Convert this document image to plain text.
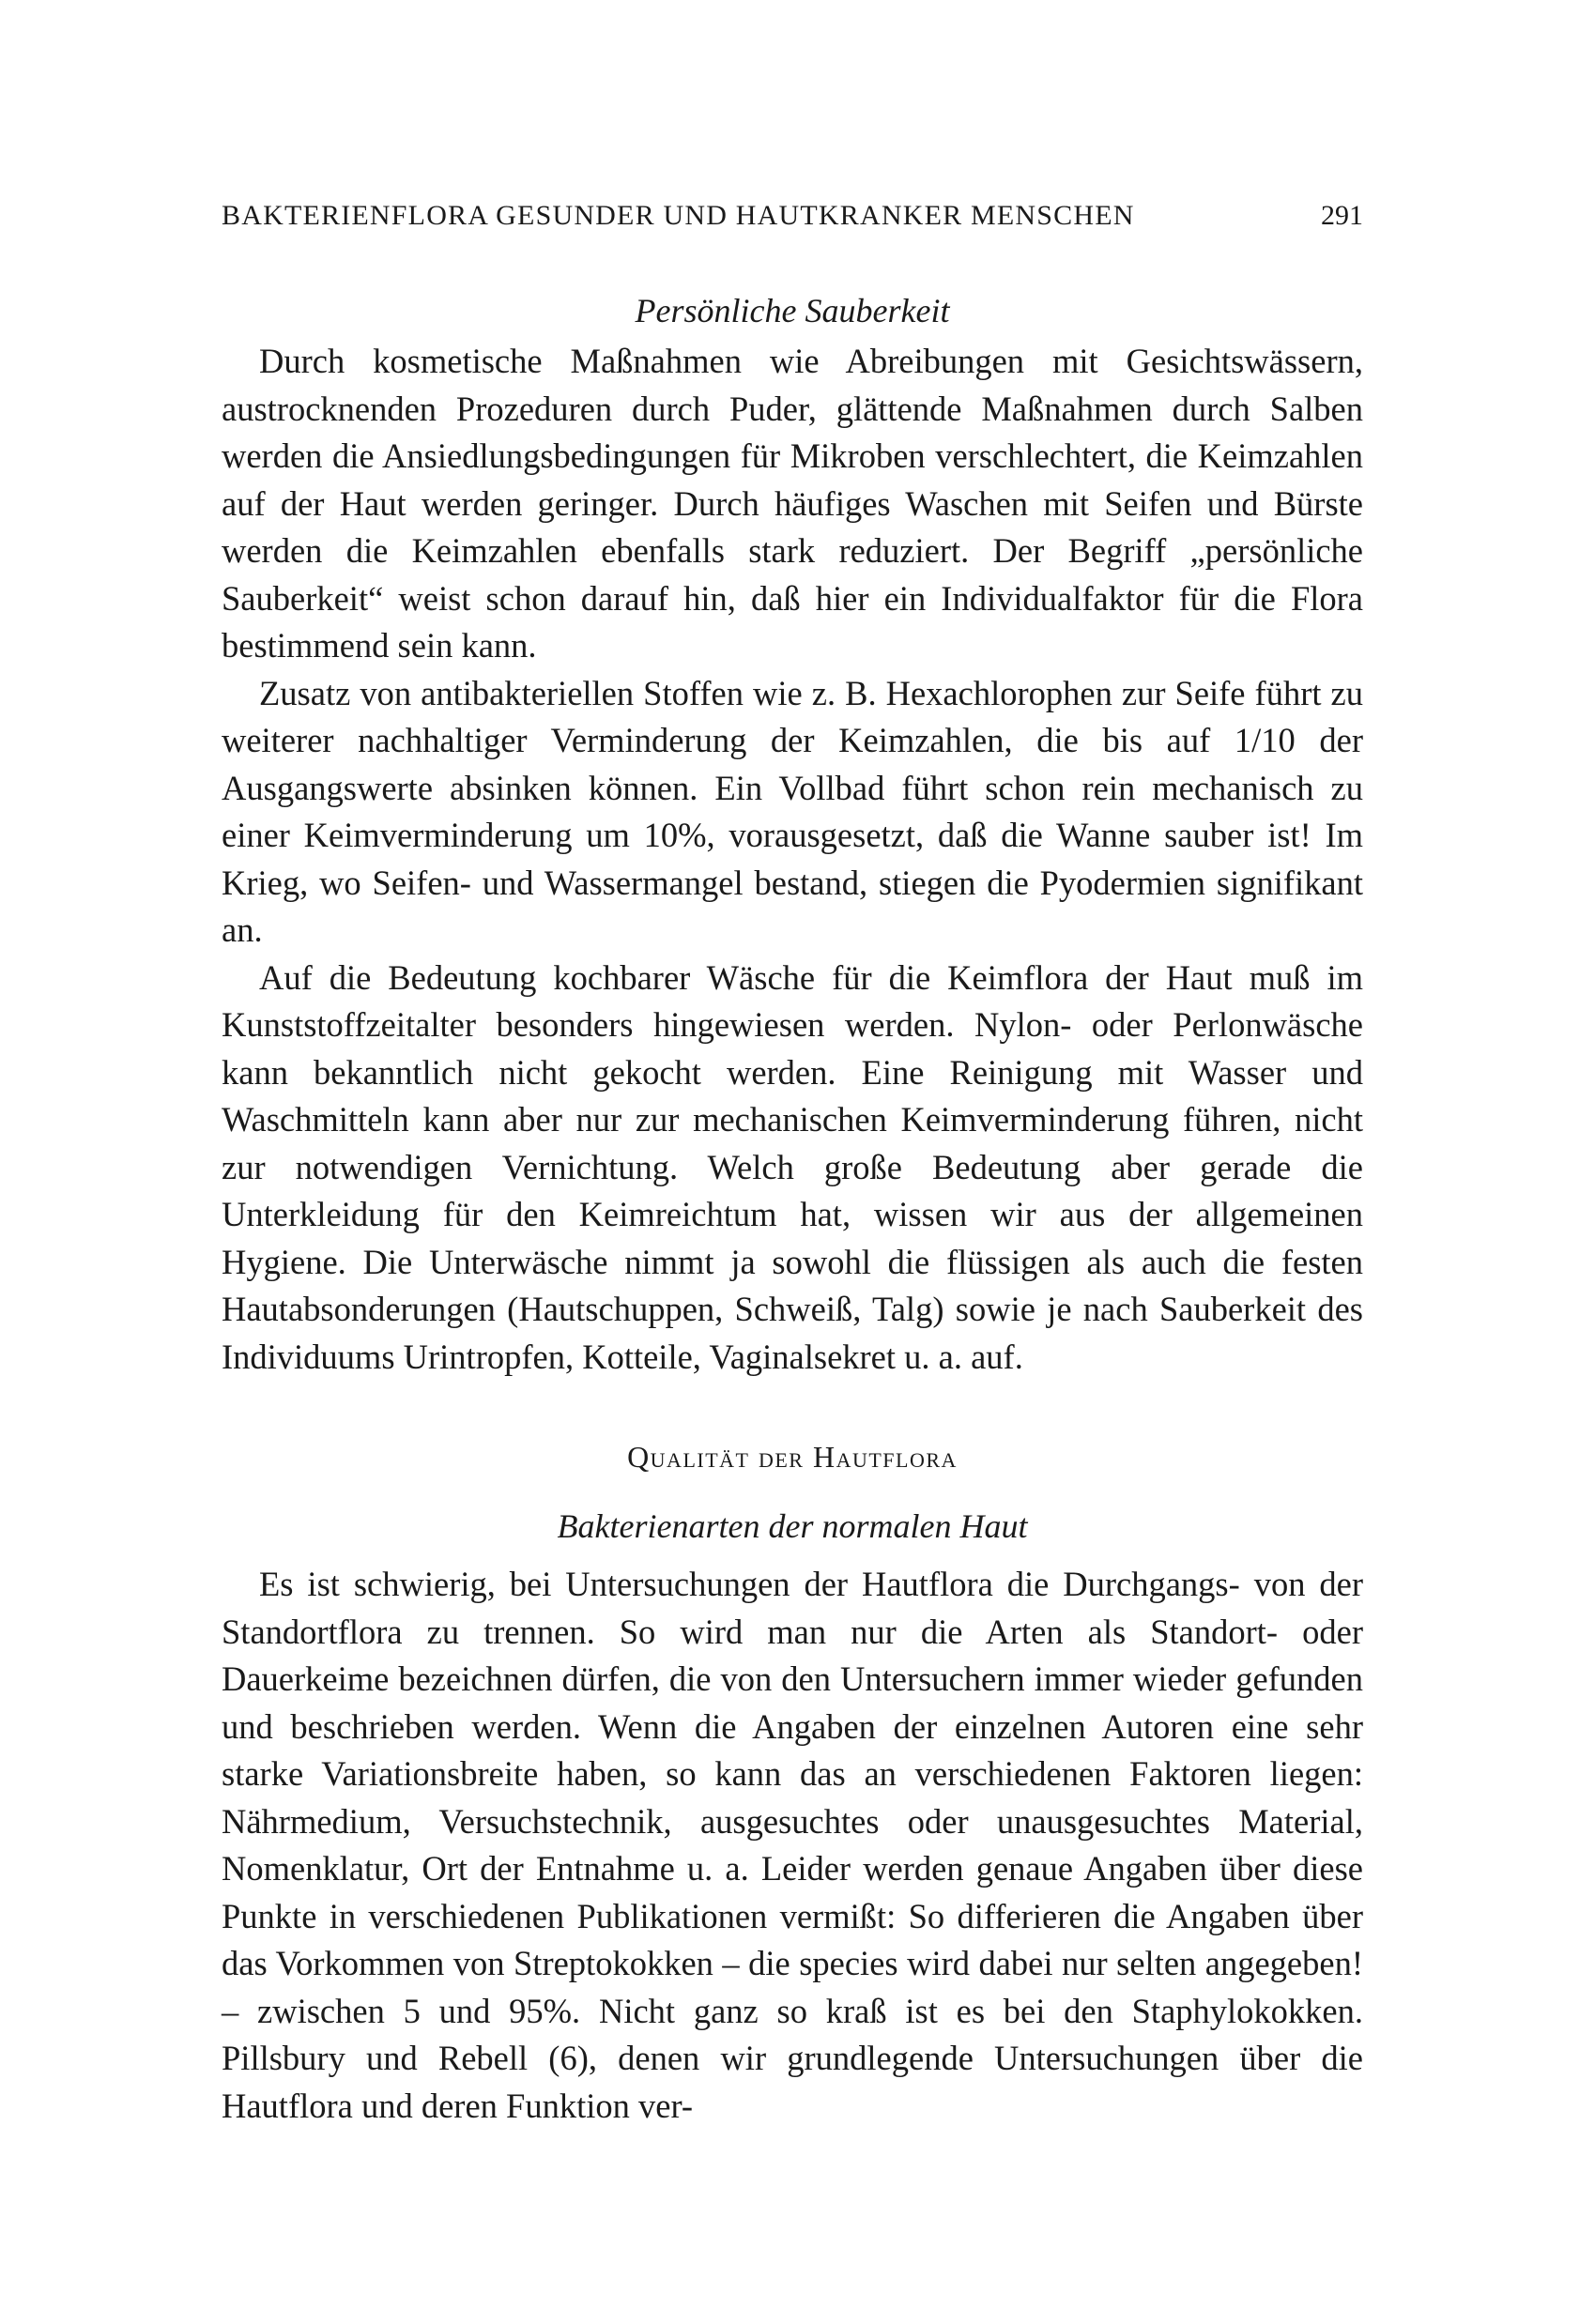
BAKTERIENFLORA GESUNDER UND HAUTKRANKER MENSCHEN	291
Persönliche Sauberkeit

Durch kosmetische Maßnahmen wie Abreibungen mit Gesichtswässern, austrocknenden Prozeduren durch Puder, glättende Maßnahmen durch Salben werden die Ansiedlungsbedingungen für Mikroben verschlechtert, die Keimzahlen auf der Haut werden geringer. Durch häufiges Waschen mit Seifen und Bürste werden die Keimzahlen ebenfalls stark reduziert. Der Begriff „persönliche Sauberkeit“ weist schon darauf hin, daß hier ein Individualfaktor für die Flora bestimmend sein kann.

Zusatz von antibakteriellen Stoffen wie z. B. Hexachlorophen zur Seife führt zu weiterer nachhaltiger Verminderung der Keimzahlen, die bis auf 1/10 der Ausgangswerte absinken können. Ein Vollbad führt schon rein mechanisch zu einer Keimverminderung um 10%, vorausgesetzt, daß die Wanne sauber ist! Im Krieg, wo Seifen- und Wassermangel bestand, stiegen die Pyodermien signifikant an.

Auf die Bedeutung kochbarer Wäsche für die Keimflora der Haut muß im Kunststoffzeitalter besonders hingewiesen werden. Nylon- oder Perlonwäsche kann bekanntlich nicht gekocht werden. Eine Reinigung mit Wasser und Waschmitteln kann aber nur zur mechanischen Keimverminderung führen, nicht zur notwendigen Vernichtung. Welch große Bedeutung aber gerade die Unterkleidung für den Keimreichtum hat, wissen wir aus der allgemeinen Hygiene. Die Unterwäsche nimmt ja sowohl die flüssigen als auch die festen Hautabsonderungen (Hautschuppen, Schweiß, Talg) sowie je nach Sauberkeit des Individuums Urintropfen, Kotteile, Vaginalsekret u. a. auf.

Qualität der Hautflora
Bakterienarten der normalen Haut

Es ist schwierig, bei Untersuchungen der Hautflora die Durchgangs- von der Standortflora zu trennen. So wird man nur die Arten als Standort- oder Dauerkeime bezeichnen dürfen, die von den Untersuchern immer wieder gefunden und beschrieben werden. Wenn die Angaben der einzelnen Autoren eine sehr starke Variationsbreite haben, so kann das an verschiedenen Faktoren liegen: Nährmedium, Versuchstechnik, ausgesuchtes oder unausgesuchtes Material, Nomenklatur, Ort der Entnahme u. a. Leider werden genaue Angaben über diese Punkte in verschiedenen Publikationen vermißt: So differieren die Angaben über das Vorkommen von Streptokokken – die species wird dabei nur selten angegeben! – zwischen 5 und 95%. Nicht ganz so kraß ist es bei den Staphylokokken. Pillsbury und Rebell (6), denen wir grundlegende Untersuchungen über die Hautflora und deren Funktion ver-
